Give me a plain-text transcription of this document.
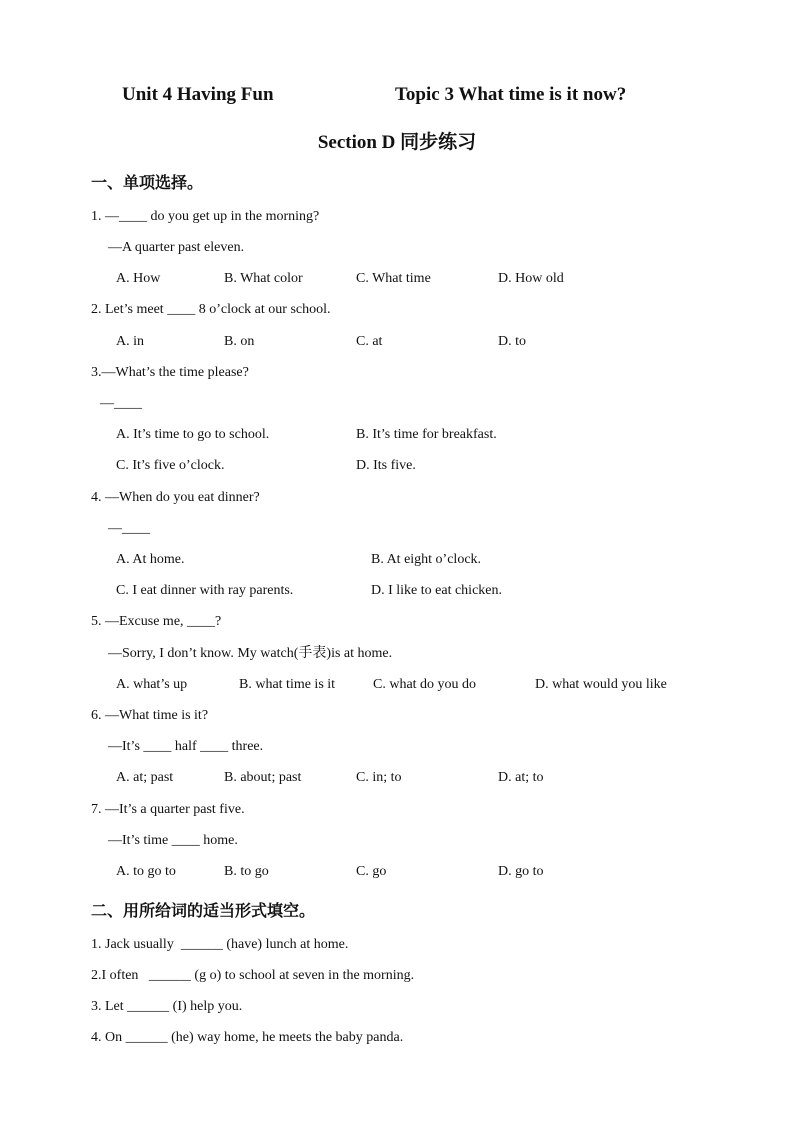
Unit 4 Having Fun	Topic 3 What time is it now?
Section D 同步练习
一、单项选择。
1. —____ do you get up in the morning?
—A quarter past eleven.
A. How	B. What color	C. What time	D. How old
2. Let’s meet ____ 8 o’clock at our school.
A. in	B. on	C. at	D. to
3.—What’s the time please?
—____
A. It’s time to go to school.	B. It’s time for breakfast.
C. It’s five o’clock.	D. Its five.
4. —When do you eat dinner?
—____
A. At home.	B. At eight o’clock.
C. I eat dinner with ray parents.	D. I like to eat chicken.
5. —Excuse me, ____?
—Sorry, I don’t know. My watch(手表)is at home.
A. what’s up	B. what time is it	C. what do you do	D. what would you like
6. —What time is it?
—It’s ____ half ____ three.
A. at; past	B. about; past	C. in; to	D. at; to
7. —It’s a quarter past five.
—It’s time ____ home.
A. to go to	B. to go	C. go	D. go to
二、用所给词的适当形式填空。
1. Jack usually  ______ (have) lunch at home.
2.I often   ______ (g o) to school at seven in the morning.
3. Let ______ (I) help you.
4. On ______ (he) way home, he meets the baby panda.
